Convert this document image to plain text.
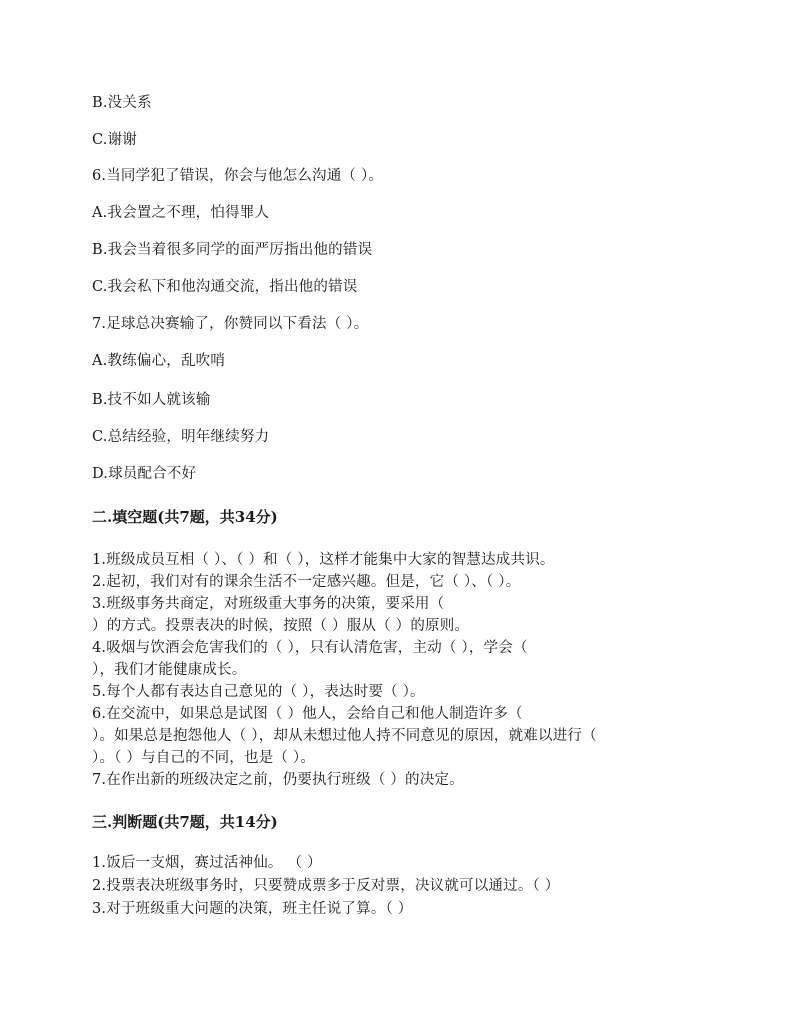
B.没关系
C.谢谢
6.当同学犯了错误，你会与他怎么沟通（ ）。
A.我会置之不理，怕得罪人
B.我会当着很多同学的面严厉指出他的错误
C.我会私下和他沟通交流，指出他的错误
7.足球总决赛输了，你赞同以下看法（ ）。
A.教练偏心，乱吹哨
B.技不如人就该输
C.总结经验，明年继续努力
D.球员配合不好
二.填空题(共7题，共34分)
1.班级成员互相（ ）、（ ）和（ ），这样才能集中大家的智慧达成共识。
2.起初，我们对有的课余生活不一定感兴趣。但是，它（ ）、（ ）。
3.班级事务共商定，对班级重大事务的决策，要采用（
）的方式。投票表决的时候，按照（ ）服从（ ）的原则。
4.吸烟与饮酒会危害我们的（ ），只有认清危害，主动（ ），学会（
），我们才能健康成长。
5.每个人都有表达自己意见的（ ），表达时要（ ）。
6.在交流中，如果总是试图（ ）他人，会给自己和他人制造许多（
）。如果总是抱怨他人（ ），却从未想过他人持不同意见的原因，就难以进行（
）。（ ）与自己的不同，也是（ ）。
7.在作出新的班级决定之前，仍要执行班级（ ）的决定。
三.判断题(共7题，共14分)
1.饭后一支烟，赛过活神仙。 （ ）
2.投票表决班级事务时，只要赞成票多于反对票，决议就可以通过。（ ）
3.对于班级重大问题的决策，班主任说了算。（ ）
